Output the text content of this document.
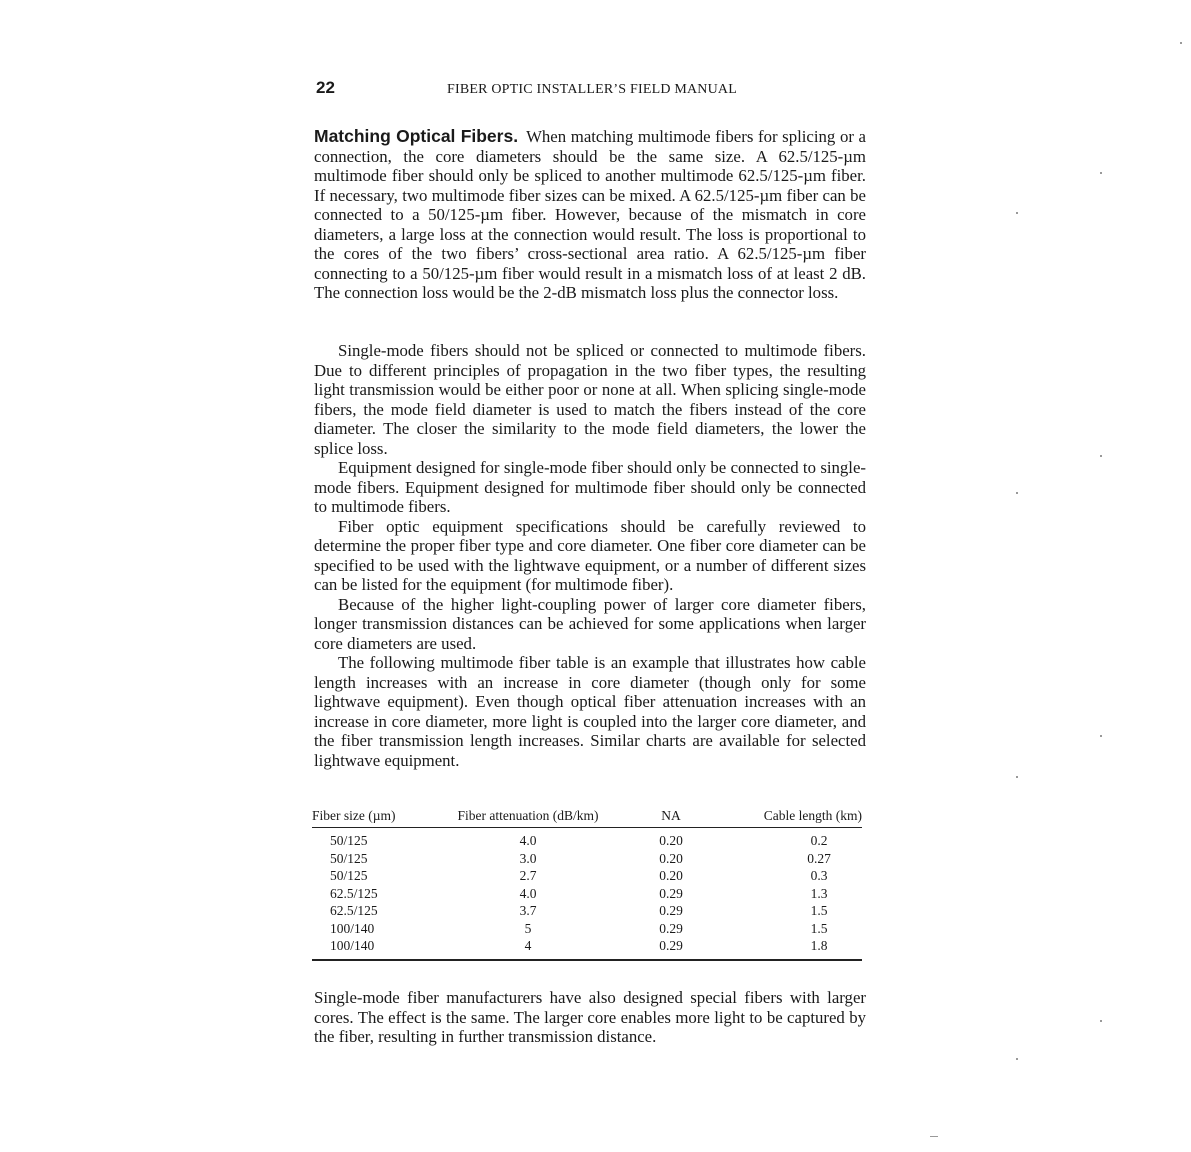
22	FIBER OPTIC INSTALLER’S FIELD MANUAL

Matching Optical Fibers. When matching multimode fibers for splicing or a connection, the core diameters should be the same size. A 62.5/125-µm multimode fiber should only be spliced to another multimode 62.5/125-µm fiber. If necessary, two multimode fiber sizes can be mixed. A 62.5/125-µm fiber can be connected to a 50/125-µm fiber. However, because of the mismatch in core diameters, a large loss at the connection would result. The loss is proportional to the cores of the two fibers’ cross-sectional area ratio. A 62.5/125-µm fiber connecting to a 50/125-µm fiber would result in a mismatch loss of at least 2 dB. The connection loss would be the 2-dB mismatch loss plus the connector loss.

Single-mode fibers should not be spliced or connected to multimode fibers. Due to different principles of propagation in the two fiber types, the resulting light transmission would be either poor or none at all. When splicing single-mode fibers, the mode field diameter is used to match the fibers instead of the core diameter. The closer the similarity to the mode field diameters, the lower the splice loss.

Equipment designed for single-mode fiber should only be connected to single-mode fibers. Equipment designed for multimode fiber should only be connected to multimode fibers.

Fiber optic equipment specifications should be carefully reviewed to determine the proper fiber type and core diameter. One fiber core diameter can be specified to be used with the lightwave equipment, or a number of different sizes can be listed for the equipment (for multimode fiber).

Because of the higher light-coupling power of larger core diameter fibers, longer transmission distances can be achieved for some applications when larger core diameters are used.

The following multimode fiber table is an example that illustrates how cable length increases with an increase in core diameter (though only for some lightwave equipment). Even though optical fiber attenuation increases with an increase in core diameter, more light is coupled into the larger core diameter, and the fiber transmission length increases. Similar charts are available for selected lightwave equipment.

Fiber size (µm)	Fiber attenuation (dB/km)	NA	Cable length (km)
50/125	4.0	0.20	0.2
50/125	3.0	0.20	0.27
50/125	2.7	0.20	0.3
62.5/125	4.0	0.29	1.3
62.5/125	3.7	0.29	1.5
100/140	5	0.29	1.5
100/140	4	0.29	1.8

Single-mode fiber manufacturers have also designed special fibers with larger cores. The effect is the same. The larger core enables more light to be captured by the fiber, resulting in further transmission distance.
